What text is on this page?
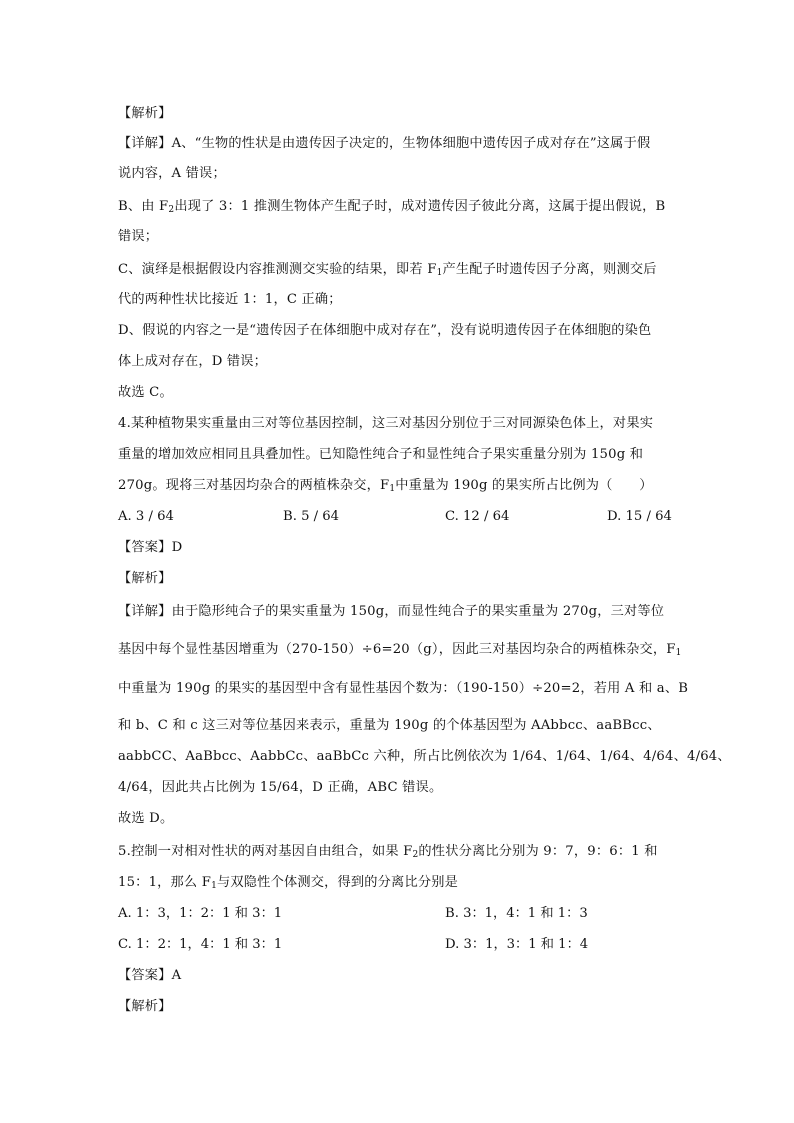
【解析】
【详解】A、“生物的性状是由遗传因子决定的，生物体细胞中遗传因子成对存在”这属于假
说内容，A 错误；
B、由 $F_2$出现了 3：1 推测生物体产生配子时，成对遗传因子彼此分离，这属于提出假说，B
错误；
C、演绎是根据假设内容推测测交实验的结果，即若 $F_1$产生配子时遗传因子分离，则测交后
代的两种性状比接近 1：1，C 正确；
D、假说的内容之一是“遗传因子在体细胞中成对存在”，没有说明遗传因子在体细胞的染色
体上成对存在，D 错误；
故选 C。
4.某种植物果实重量由三对等位基因控制，这三对基因分别位于三对同源染色体上，对果实
重量的增加效应相同且具叠加性。已知隐性纯合子和显性纯合子果实重量分别为 150g 和
270g。现将三对基因均杂合的两植株杂交，$F_1$中重量为 190g 的果实所占比例为（　　）
A. 3 / 64	B. 5 / 64	C. 12 / 64	D. 15 / 64
【答案】D
【解析】
【详解】由于隐形纯合子的果实重量为 150g，而显性纯合子的果实重量为 270g，三对等位
基因中每个显性基因增重为（270-150）÷6=20（g），因此三对基因均杂合的两植株杂交，$F_1$
中重量为 190g 的果实的基因型中含有显性基因个数为：（190-150）÷20=2，若用 A 和 a、B
和 b、C 和 c 这三对等位基因来表示，重量为 190g 的个体基因型为 AAbbcc、aaBBcc、
aabbCC、AaBbcc、AabbCc、aaBbCc 六种，所占比例依次为 1/64、1/64、1/64、4/64、4/64、
4/64，因此共占比例为 15/64，D 正确，ABC 错误。
故选 D。
5.控制一对相对性状的两对基因自由组合，如果 $F_2$的性状分离比分别为 9：7，9：6：1 和
15：1，那么 $F_1$与双隐性个体测交，得到的分离比分别是
A. 1：3，1：2：1 和 3：1	B. 3：1，4：1 和 1：3
C. 1：2：1，4：1 和 3：1	D. 3：1，3：1 和 1：4
【答案】A
【解析】
